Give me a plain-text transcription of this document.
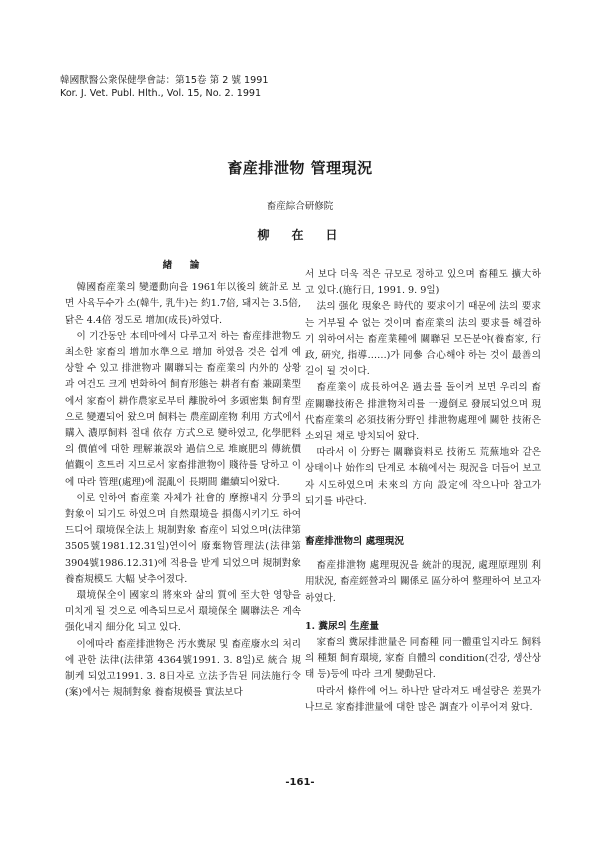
韓國獸醫公衆保健學會誌：第15卷 第 2 號 1991
Kor. J. Vet. Publ. Hlth., Vol. 15, No. 2. 1991
畜産排泄物 管理現況
畜産綜合研修院
柳　在　日
緖　論

韓國畜産業의 變遷動向을 1961年以後의 統計로 보면 사육두수가 소(韓牛, 乳牛)는 約1.7倍, 돼지는 3.5倍, 닭은 4.4倍 정도로 增加(成長)하였다.

이 기간동안 本테마에서 다루고저 하는 畜産排泄物도 최소한 家畜의 增加水準으로 增加 하였음 것은 쉽게 예상할 수 있고 排泄物과 關聯되는 畜産業의 内外的 상황과 여건도 크게 변화하여 飼育形態는 耕者有畜 兼副業型에서 家畜이 耕作農家로부터 離脫하여 多頭密集 飼育型으로 變遷되어 왔으며 飼料는 農産副産物 利用 方式에서 購入 濃厚飼料 절대 依存 方式으로 變하였고, 化學肥料의 價値에 대한 理解兼誤와 過信으로 堆廐肥의 傳統價値觀이 흐트러 지므로서 家畜排泄物이 賤待를 당하고 이에 따라 管理(處理)에 混亂이 長期間 繼續되어왔다.

이로 인하여 畜産業 자체가 社會的 摩擦내지 分爭의 對象이 되기도 하였으며 自然環境을 損傷시키기도 하여 드디어 環境保全法上 規制對象 畜産이 되었으며(法律第3505號1981.12.31일)연이어 廢棄物管理法(法律第3904號1986.12.31)에 적용을 받게 되었으며 規制對象 養畜規模도 大幅 낮추어졌다.

環境保全이 國家의 將來와 삶의 質에 至大한 영향을 미치게 될 것으로 예측되므로서 環境保全 關聯法은 계속 强化내지 細分化 되고 있다.

이에따라 畜産排泄物은 汚水糞尿 및 畜産廢水의 처리에 관한 法律(法律第 4364號1991. 3. 8일)로 統合 規制케 되었고1991. 3. 8日자로 立法予告된 同法施行令(案)에서는 規制對象 養畜規模를 實法보다

서 보다 더욱 적은 규모로 정하고 있으며 畜種도 擴大하고 있다.(施行日, 1991. 9. 9일)

法의 强化 現象은 時代的 要求이기 때문에 法의 要求는 거부될 수 없는 것이며 畜産業의 法의 要求를 해결하기 위하여서는 畜産業種에 關聯된 모든분야(養畜家, 行政, 硏究, 指導……)가 同參 合心해야 하는 것이 最善의 길이 될 것이다.

畜産業이 成長하여온 過去를 돌이켜 보면 우리의 畜産關聯技術은 排泄物처리를 一邊倒로 發展되었으며 現代畜産業의 必須技術分野인 排泄物處理에 關한 技術은 소외된 채로 방치되어 왔다.

따라서 이 分野는 關聯資料로 技術도 荒蕪地와 같은 상태이나 始作의 단계로 本稿에서는 現況을 더듬어 보고자 시도하였으며 未來의 方向 設定에 작으나마 참고가 되기를 바란다.

畜産排泄物의 處理現況

畜産排泄物 處理現況을 統計的現況, 處理原理別 利用狀況, 畜産經營과의 關係로 區分하여 整理하여 보고자 하였다.

1. 糞尿의 生産量

家畜의 糞尿排泄量은 同畜種 同一體重일지라도 飼料의 種類 飼育環境, 家畜 自體의 condition(건강, 생산상태 등)등에 따라 크게 變動된다.

따라서 條件에 어느 하나만 달라져도 배설량은 差異가 나므로 家畜排泄量에 대한 많은 調査가 이루어져 왔다.

-161-
